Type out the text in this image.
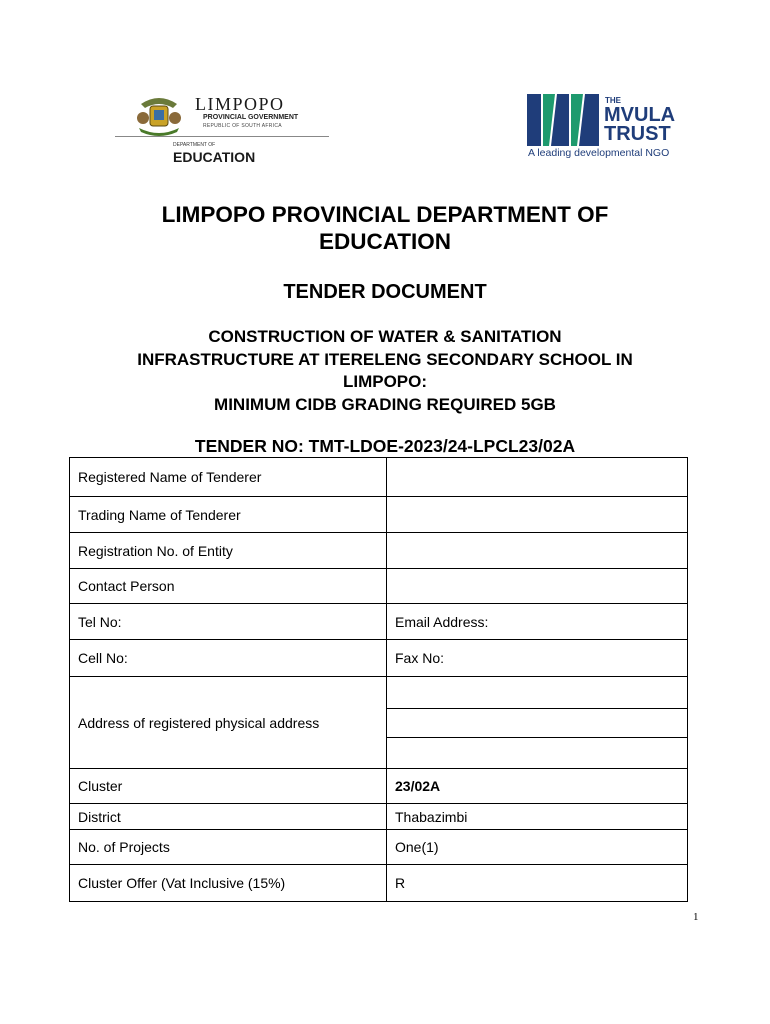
LIMPOPO
PROVINCIAL GOVERNMENT
REPUBLIC OF SOUTH AFRICA
DEPARTMENT OF
EDUCATION
THE
MVULA
TRUST
A leading developmental NGO
LIMPOPO PROVINCIAL DEPARTMENT OF
EDUCATION
TENDER DOCUMENT
CONSTRUCTION OF WATER & SANITATION
INFRASTRUCTURE AT ITERELENG SECONDARY SCHOOL IN
LIMPOPO:
MINIMUM CIDB GRADING REQUIRED 5GB
TENDER NO: TMT-LDOE-2023/24-LPCL23/02A
Registered Name of Tenderer	
Trading Name of Tenderer	
Registration No. of Entity	
Contact Person	
Tel No:	Email Address:
Cell No:	Fax No:
Address of registered physical address	

Cluster	23/02A
District	Thabazimbi
No. of Projects	One(1)
Cluster Offer (Vat Inclusive (15%)	R
1
